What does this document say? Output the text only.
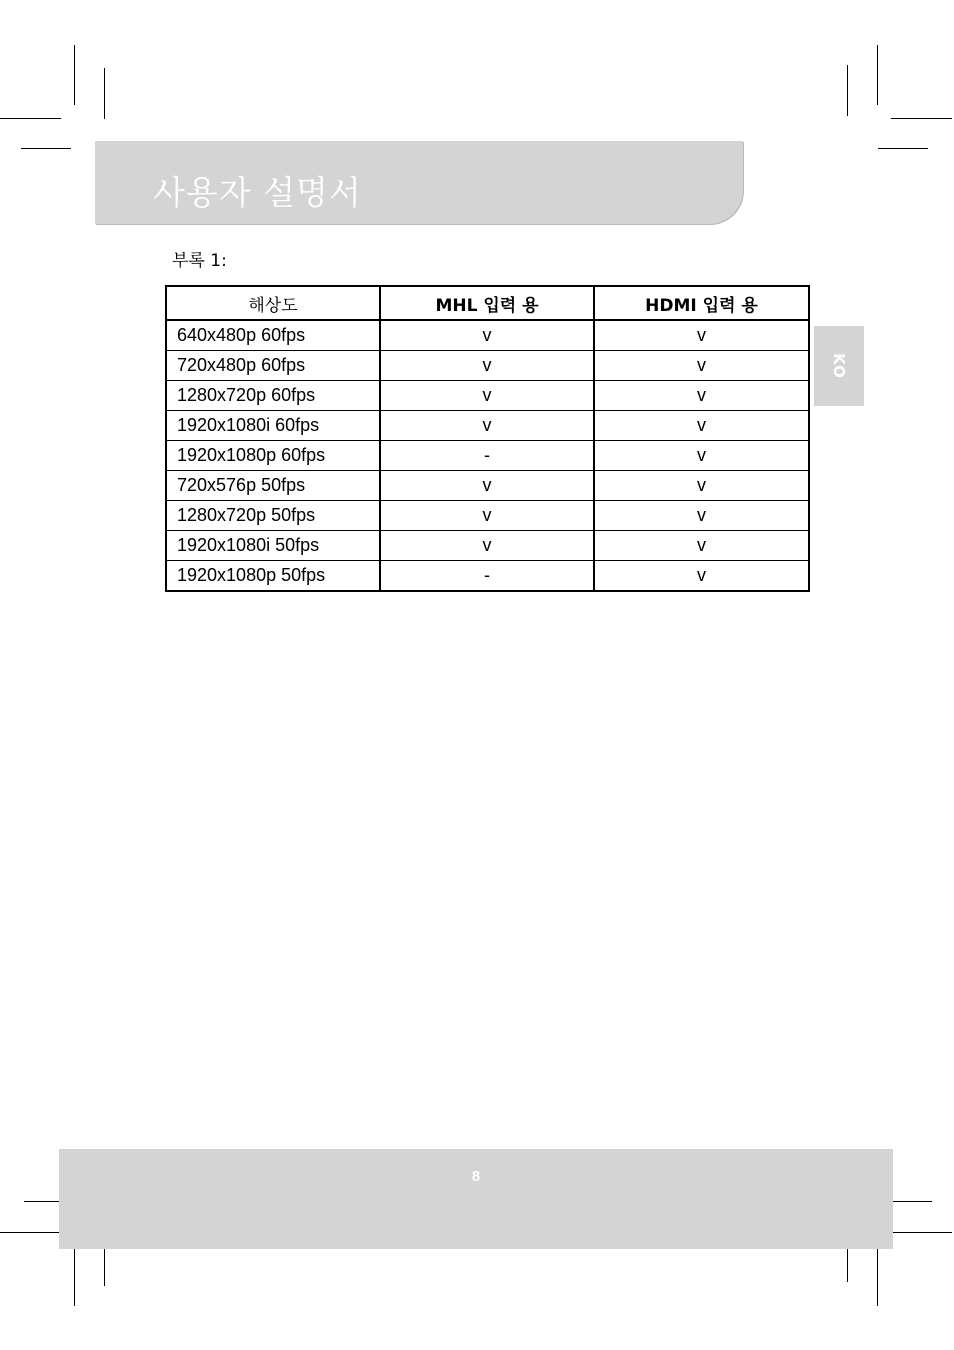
사용자 설명서
부록 1:
KO
해상도	MHL 입력 용	HDMI 입력 용
640x480p 60fps	v	v
720x480p 60fps	v	v
1280x720p 60fps	v	v
1920x1080i 60fps	v	v
1920x1080p 60fps	-	v
720x576p 50fps	v	v
1280x720p 50fps	v	v
1920x1080i 50fps	v	v
1920x1080p 50fps	-	v
8
